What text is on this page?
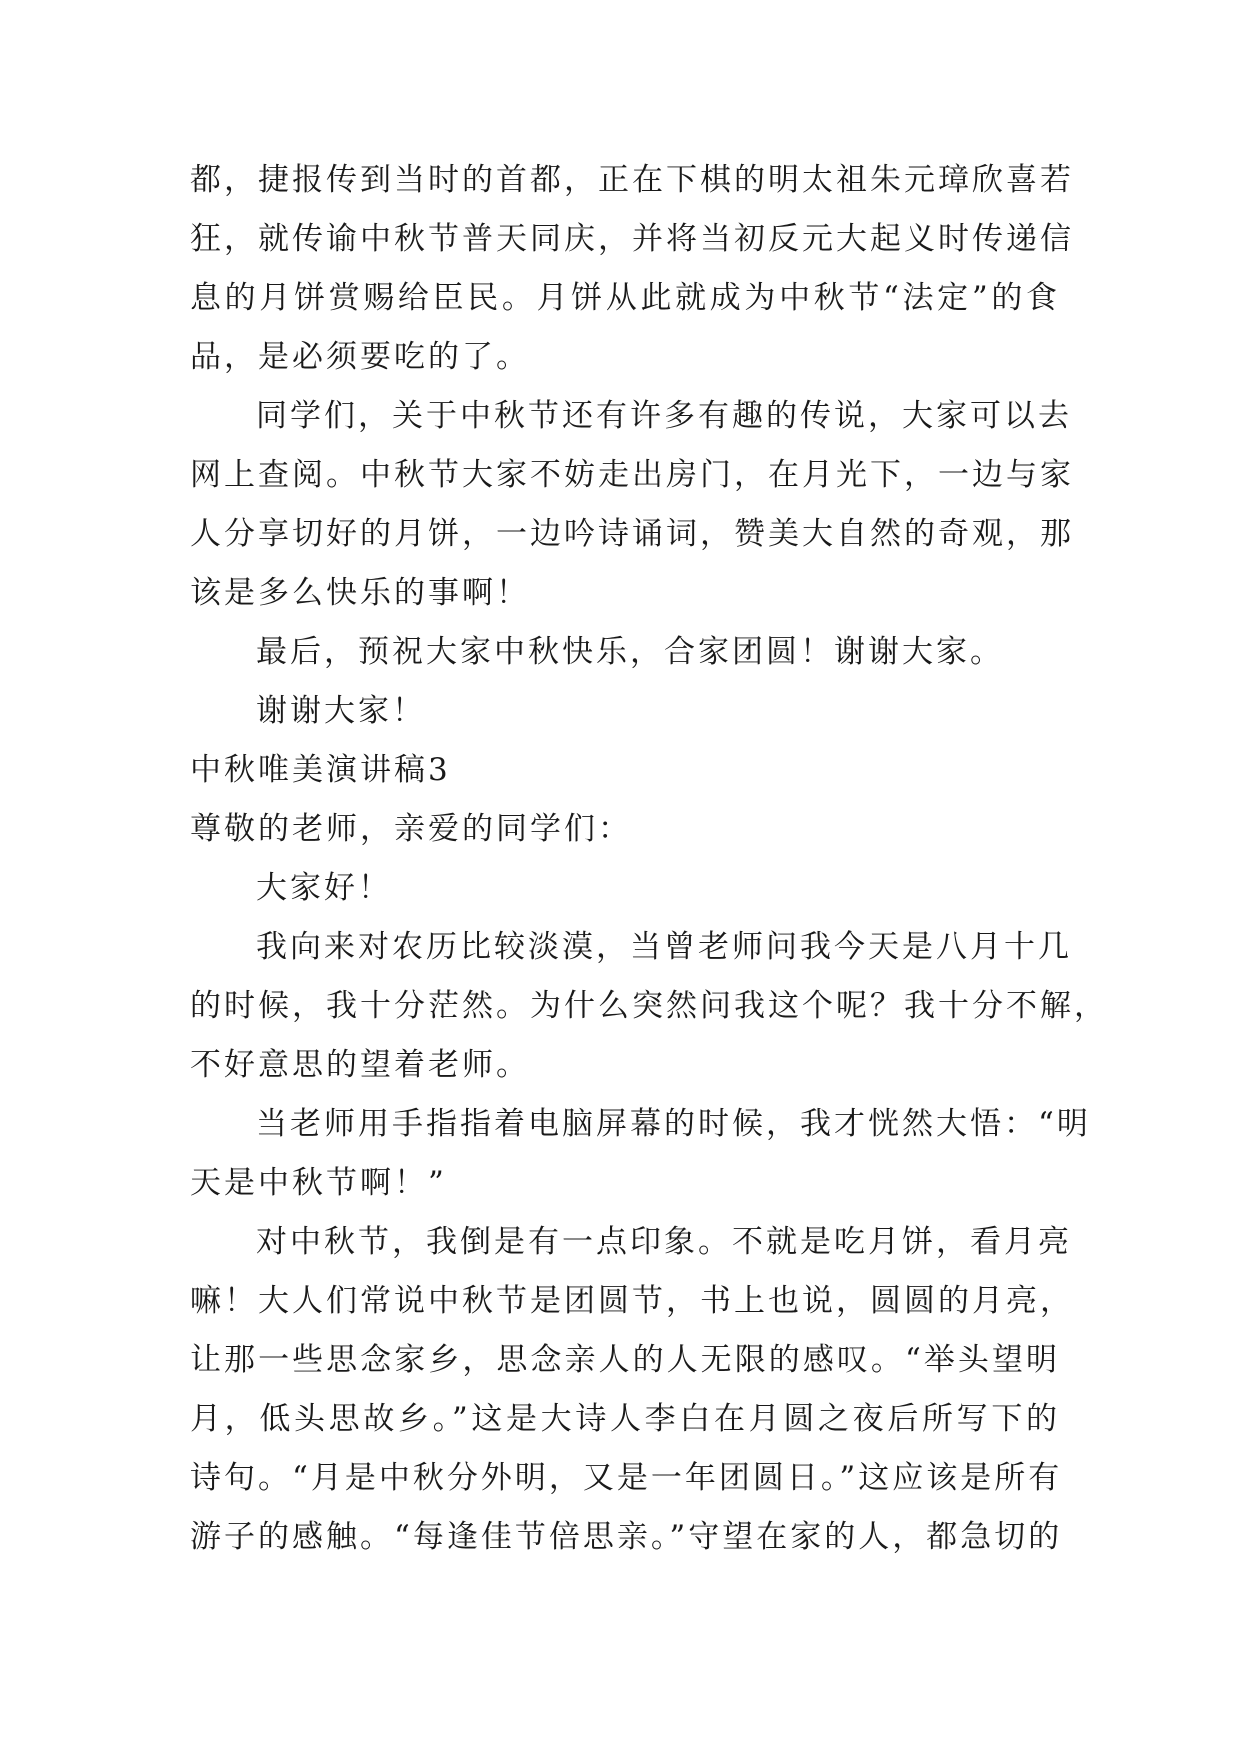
都，捷报传到当时的首都，正在下棋的明太祖朱元璋欣喜若
狂，就传谕中秋节普天同庆，并将当初反元大起义时传递信
息的月饼赏赐给臣民。月饼从此就成为中秋节“法定”的食
品，是必须要吃的了。
同学们，关于中秋节还有许多有趣的传说，大家可以去
网上查阅。中秋节大家不妨走出房门，在月光下，一边与家
人分享切好的月饼，一边吟诗诵词，赞美大自然的奇观，那
该是多么快乐的事啊！
最后，预祝大家中秋快乐，合家团圆！谢谢大家。
谢谢大家！
中秋唯美演讲稿3
尊敬的老师，亲爱的同学们：
大家好！
我向来对农历比较淡漠，当曾老师问我今天是八月十几
的时候，我十分茫然。为什么突然问我这个呢？我十分不解，
不好意思的望着老师。
当老师用手指指着电脑屏幕的时候，我才恍然大悟：“明
天是中秋节啊！”
对中秋节，我倒是有一点印象。不就是吃月饼，看月亮
嘛！大人们常说中秋节是团圆节，书上也说，圆圆的月亮，
让那一些思念家乡，思念亲人的人无限的感叹。“举头望明
月，低头思故乡。”这是大诗人李白在月圆之夜后所写下的
诗句。“月是中秋分外明，又是一年团圆日。”这应该是所有
游子的感触。“每逢佳节倍思亲。”守望在家的人，都急切的
